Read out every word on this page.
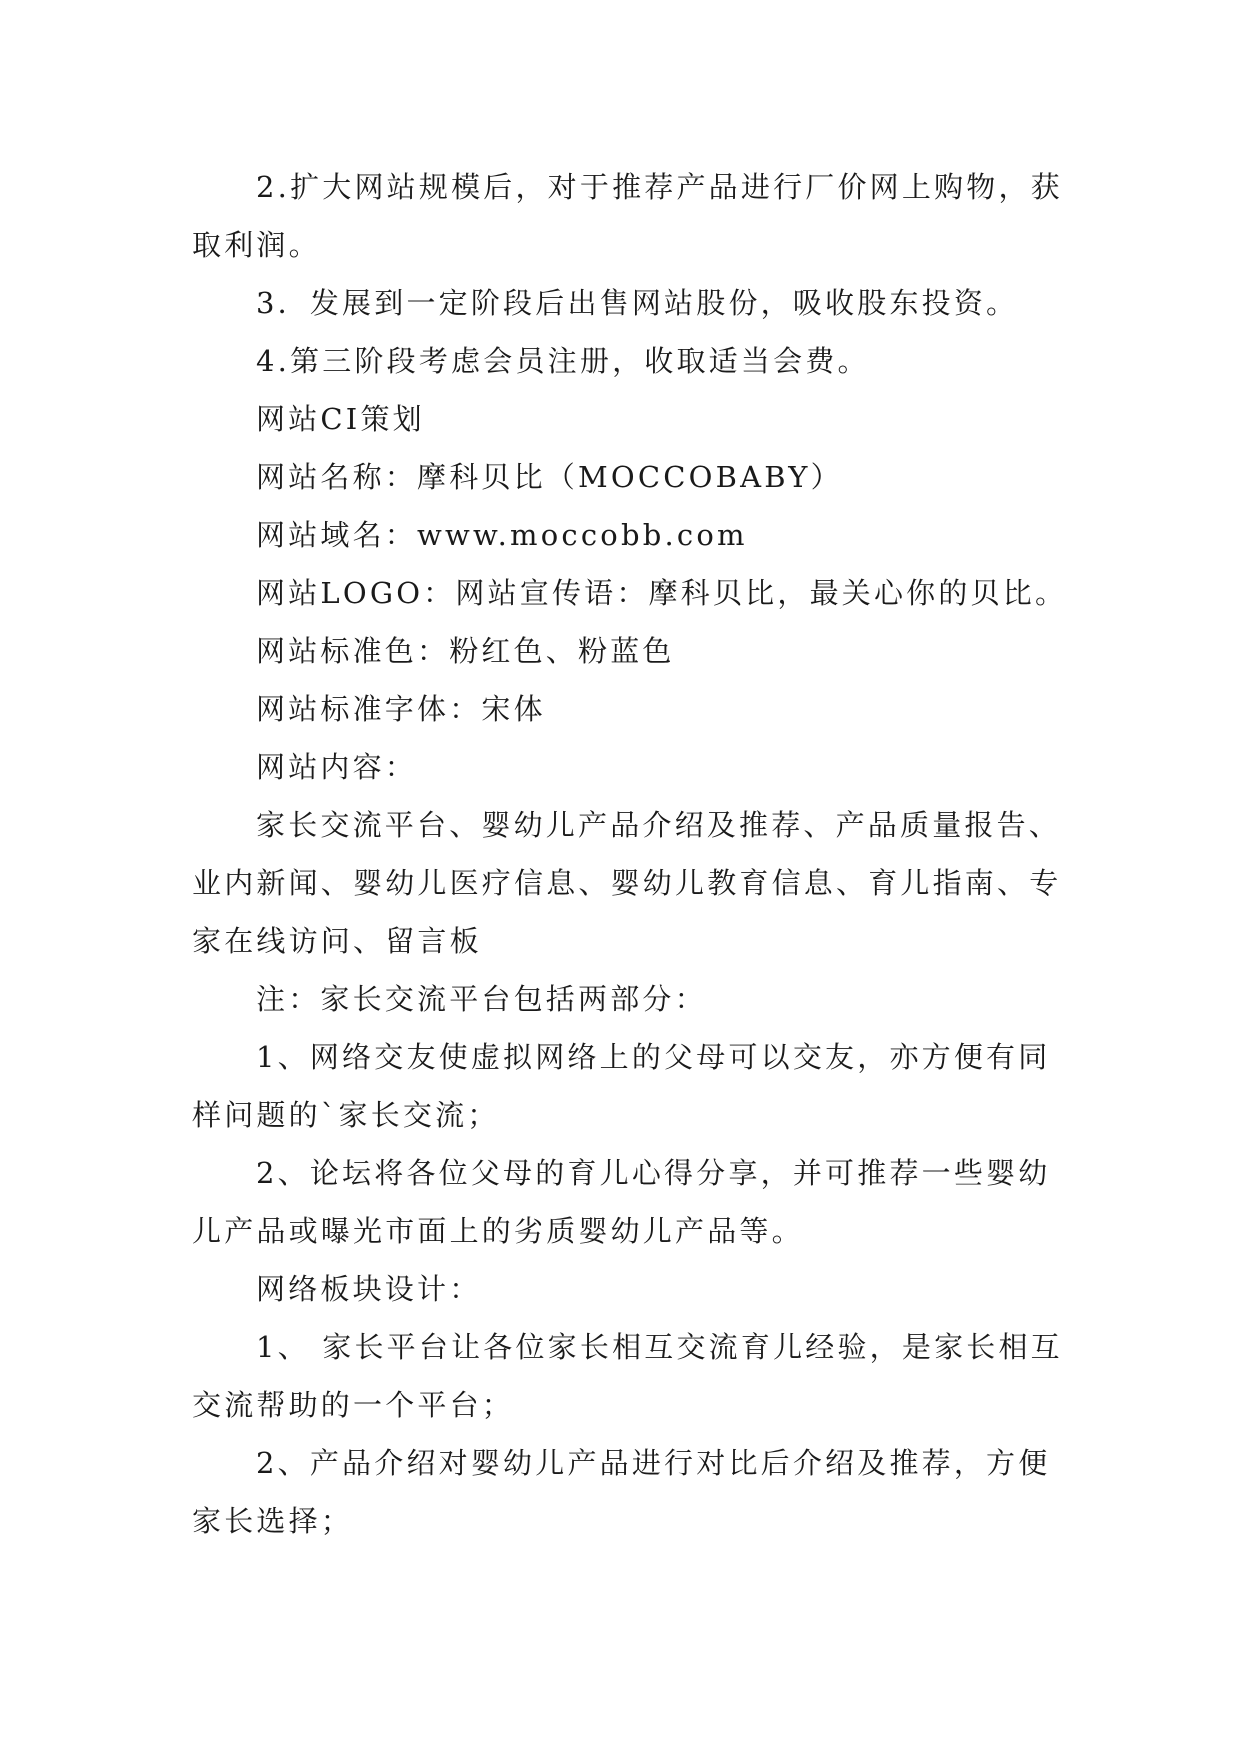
2.扩大网站规模后，对于推荐产品进行厂价网上购物，获取利润。

3．发展到一定阶段后出售网站股份，吸收股东投资。

4.第三阶段考虑会员注册，收取适当会费。

网站CI策划

网站名称：摩科贝比（MOCCOBABY）

网站域名：www.moccobb.com

网站LOGO：网站宣传语：摩科贝比，最关心你的贝比。

网站标准色：粉红色、粉蓝色

网站标准字体：宋体

网站内容：

家长交流平台、婴幼儿产品介绍及推荐、产品质量报告、业内新闻、婴幼儿医疗信息、婴幼儿教育信息、育儿指南、专家在线访问、留言板

注：家长交流平台包括两部分：

1、网络交友使虚拟网络上的父母可以交友，亦方便有同样问题的`家长交流；

2、论坛将各位父母的育儿心得分享，并可推荐一些婴幼儿产品或曝光市面上的劣质婴幼儿产品等。

网络板块设计：

1、 家长平台让各位家长相互交流育儿经验，是家长相互交流帮助的一个平台；

2、产品介绍对婴幼儿产品进行对比后介绍及推荐，方便家长选择；
